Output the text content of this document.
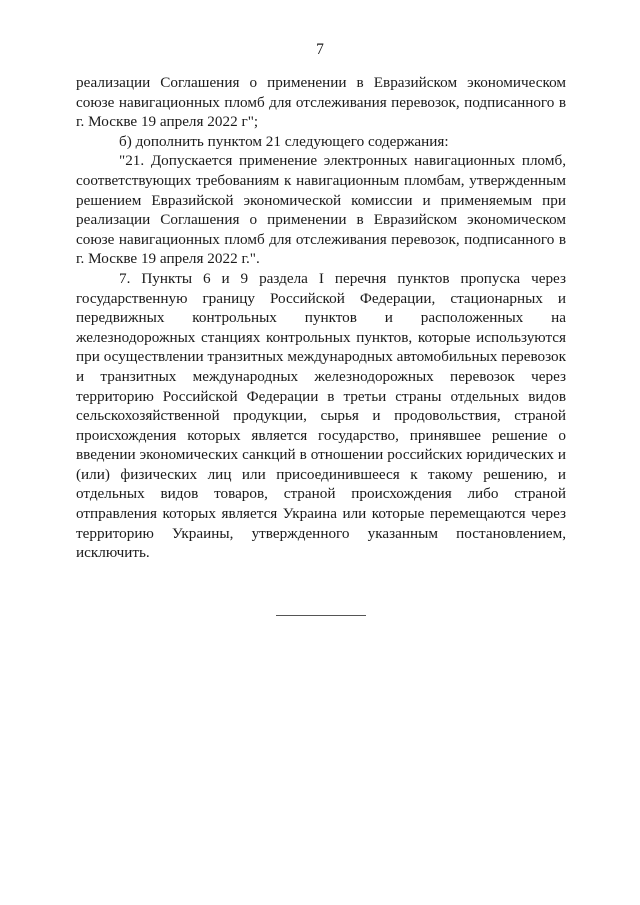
7

реализации Соглашения о применении в Евразийском экономическом союзе навигационных пломб для отслеживания перевозок, подписанного в г. Москве 19 апреля 2022 г";

б) дополнить пунктом 21 следующего содержания:

"21. Допускается применение электронных навигационных пломб, соответствующих требованиям к навигационным пломбам, утвержденным решением Евразийской экономической комиссии и применяемым при реализации Соглашения о применении в Евразийском экономическом союзе навигационных пломб для отслеживания перевозок, подписанного в г. Москве 19 апреля 2022 г.".

7. Пункты 6 и 9 раздела I перечня пунктов пропуска через государственную границу Российской Федерации, стационарных и передвижных контрольных пунктов и расположенных на железнодорожных станциях контрольных пунктов, которые используются при осуществлении транзитных международных автомобильных перевозок и транзитных международных железнодорожных перевозок через территорию Российской Федерации в третьи страны отдельных видов сельскохозяйственной продукции, сырья и продовольствия, страной происхождения которых является государство, принявшее решение о введении экономических санкций в отношении российских юридических и (или) физических лиц или присоединившееся к такому решению, и отдельных видов товаров, страной происхождения либо страной отправления которых является Украина или которые перемещаются через территорию Украины, утвержденного указанным постановлением, исключить.
